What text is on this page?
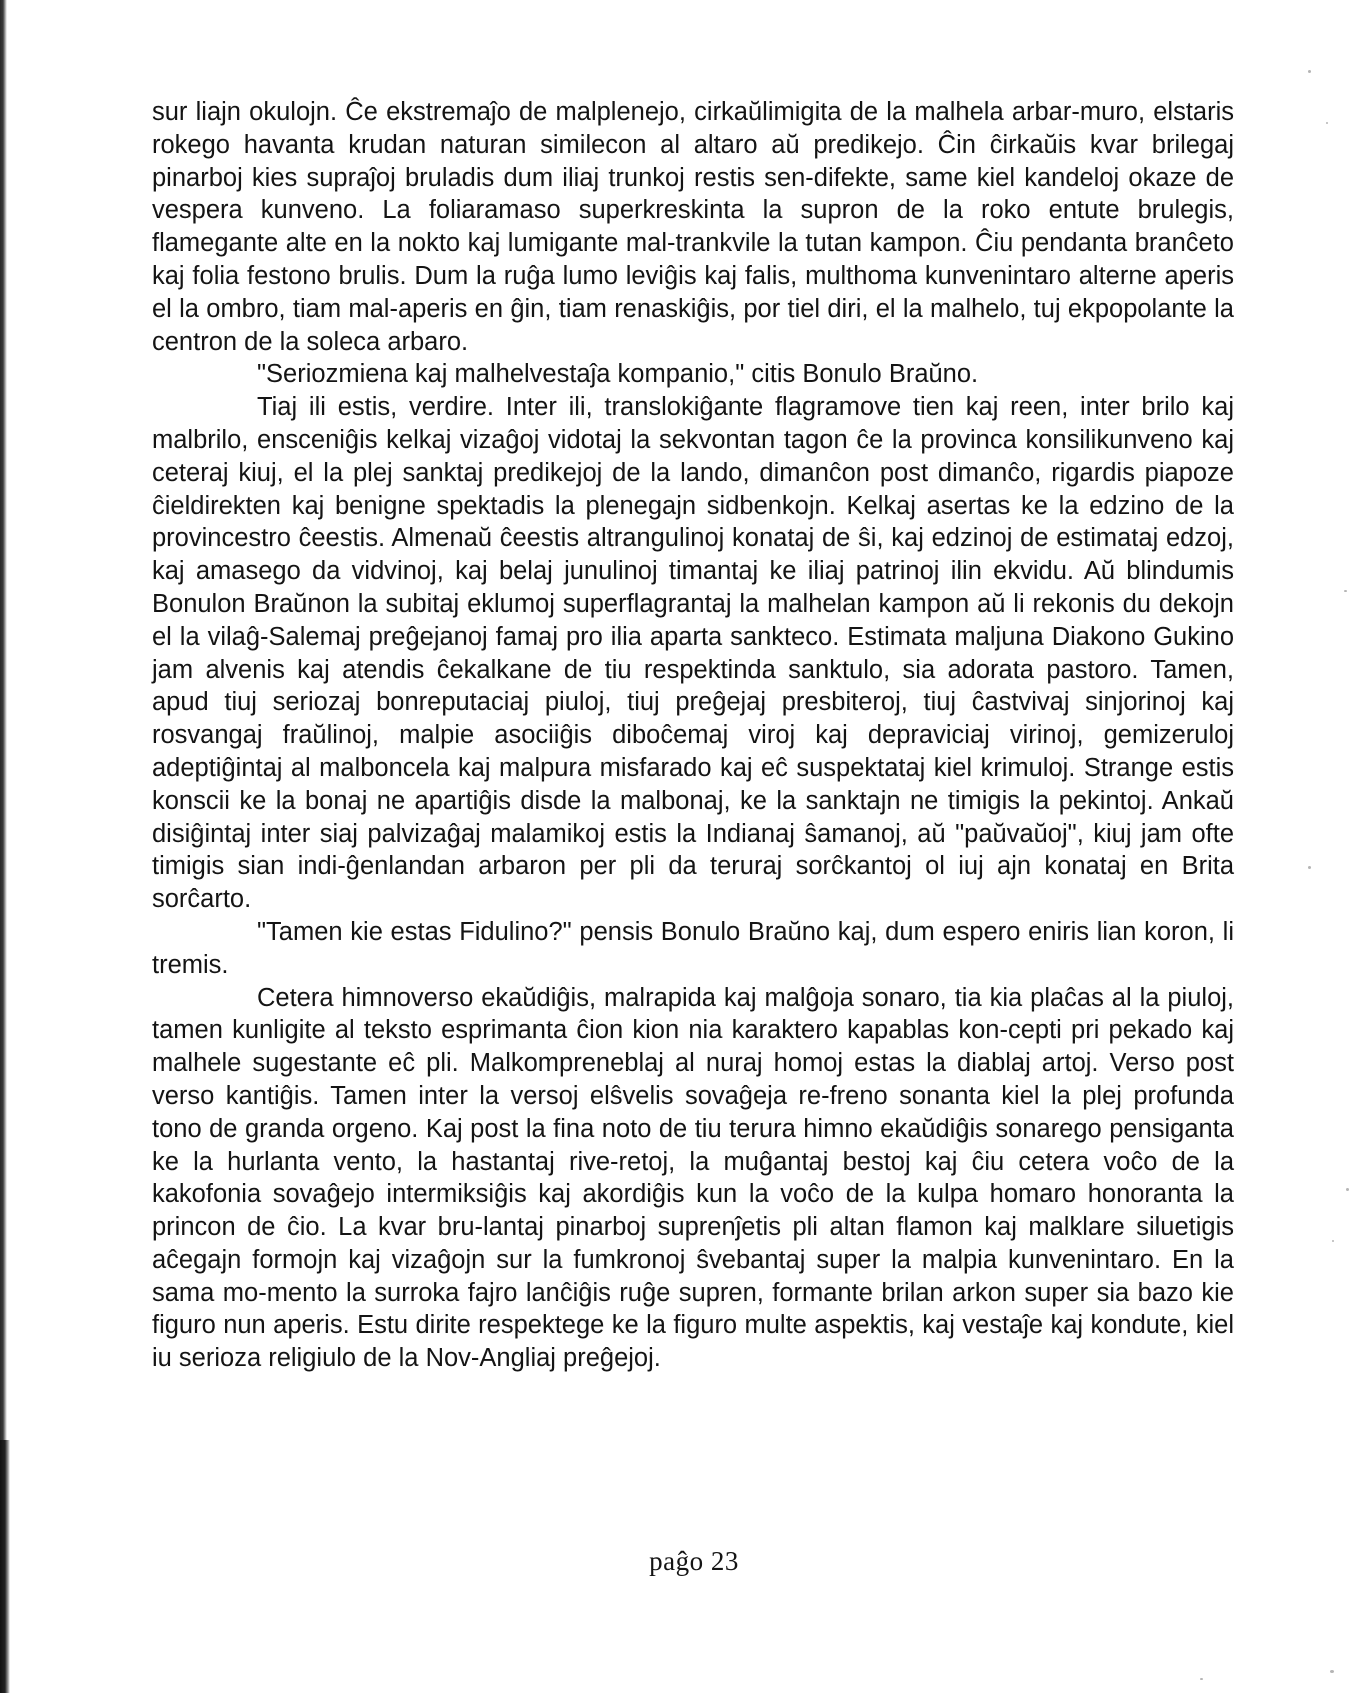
sur liajn okulojn. Ĉe ekstremaĵo de malplenejo, cirkaŭlimigita de la malhela arbar-muro, elstaris rokego havanta krudan naturan similecon al altaro aŭ predikejo. Ĉin ĉirkaŭis kvar brilegaj pinarboj kies supraĵoj bruladis dum iliaj trunkoj restis sen-difekte, same kiel kandeloj okaze de vespera kunveno. La foliaramaso superkreskinta la supron de la roko entute brulegis, flamegante alte en la nokto kaj lumigante mal-trankvile la tutan kampon. Ĉiu pendanta branĉeto kaj folia festono brulis. Dum la ruĝa lumo leviĝis kaj falis, multhoma kunvenintaro alterne aperis el la ombro, tiam mal-aperis en ĝin, tiam renaskiĝis, por tiel diri, el la malhelo, tuj ekpopolante la centron de la soleca arbaro.

"Seriozmiena kaj malhelvestaĵa kompanio," citis Bonulo Braŭno.

Tiaj ili estis, verdire. Inter ili, translokiĝante flagramove tien kaj reen, inter brilo kaj malbrilo, ensceniĝis kelkaj vizaĝoj vidotaj la sekvontan tagon ĉe la provinca konsilikunveno kaj ceteraj kiuj, el la plej sanktaj predikejoj de la lando, dimanĉon post dimanĉo, rigardis piapoze ĉieldirekten kaj benigne spektadis la plenegajn sidbenkojn. Kelkaj asertas ke la edzino de la provincestro ĉeestis. Almenaŭ ĉeestis altrangulinoj konataj de ŝi, kaj edzinoj de estimataj edzoj, kaj amasego da vidvinoj, kaj belaj junulinoj timantaj ke iliaj patrinoj ilin ekvidu. Aŭ blindumis Bonulon Braŭnon la subitaj eklumoj superflagrantaj la malhelan kampon aŭ li rekonis du dekojn el la vilaĝ-Salemaj preĝejanoj famaj pro ilia aparta sankteco. Estimata maljuna Diakono Gukino jam alvenis kaj atendis ĉekalkane de tiu respektinda sanktulo, sia adorata pastoro. Tamen, apud tiuj seriozaj bonreputaciaj piuloj, tiuj preĝejaj presbiteroj, tiuj ĉastvivaj sinjorinoj kaj rosvangaj fraŭlinoj, malpie asociiĝis diboĉemaj viroj kaj depraviciaj virinoj, gemizeruloj adeptiĝintaj al malboncela kaj malpura misfarado kaj eĉ suspektataj kiel krimuloj. Strange estis konscii ke la bonaj ne apartiĝis disde la malbonaj, ke la sanktajn ne timigis la pekintoj. Ankaŭ disiĝintaj inter siaj palvizaĝaj malamikoj estis la Indianaj ŝamanoj, aŭ "paŭvaŭoj", kiuj jam ofte timigis sian indi-ĝenlandan arbaron per pli da teruraj sorĉkantoj ol iuj ajn konataj en Brita sorĉarto.

"Tamen kie estas Fidulino?" pensis Bonulo Braŭno kaj, dum espero eniris lian koron, li tremis.

Cetera himnoverso ekaŭdiĝis, malrapida kaj malĝoja sonaro, tia kia plaĉas al la piuloj, tamen kunligite al teksto esprimanta ĉion kion nia karaktero kapablas kon-cepti pri pekado kaj malhele sugestante eĉ pli. Malkompreneblaj al nuraj homoj estas la diablaj artoj. Verso post verso kantiĝis. Tamen inter la versoj elŝvelis sovaĝeja re-freno sonanta kiel la plej profunda tono de granda orgeno. Kaj post la fina noto de tiu terura himno ekaŭdiĝis sonarego pensiganta ke la hurlanta vento, la hastantaj rive-retoj, la muĝantaj bestoj kaj ĉiu cetera voĉo de la kakofonia sovaĝejo intermiksiĝis kaj akordiĝis kun la voĉo de la kulpa homaro honoranta la princon de ĉio. La kvar bru-lantaj pinarboj suprenĵetis pli altan flamon kaj malklare siluetigis aĉegajn formojn kaj vizaĝojn sur la fumkronoj ŝvebantaj super la malpia kunvenintaro. En la sama mo-mento la surroka fajro lanĉiĝis ruĝe supren, formante brilan arkon super sia bazo kie figuro nun aperis. Estu dirite respektege ke la figuro multe aspektis, kaj vestaĵe kaj kondute, kiel iu serioza religiulo de la Nov-Angliaj preĝejoj.

paĝo 23
